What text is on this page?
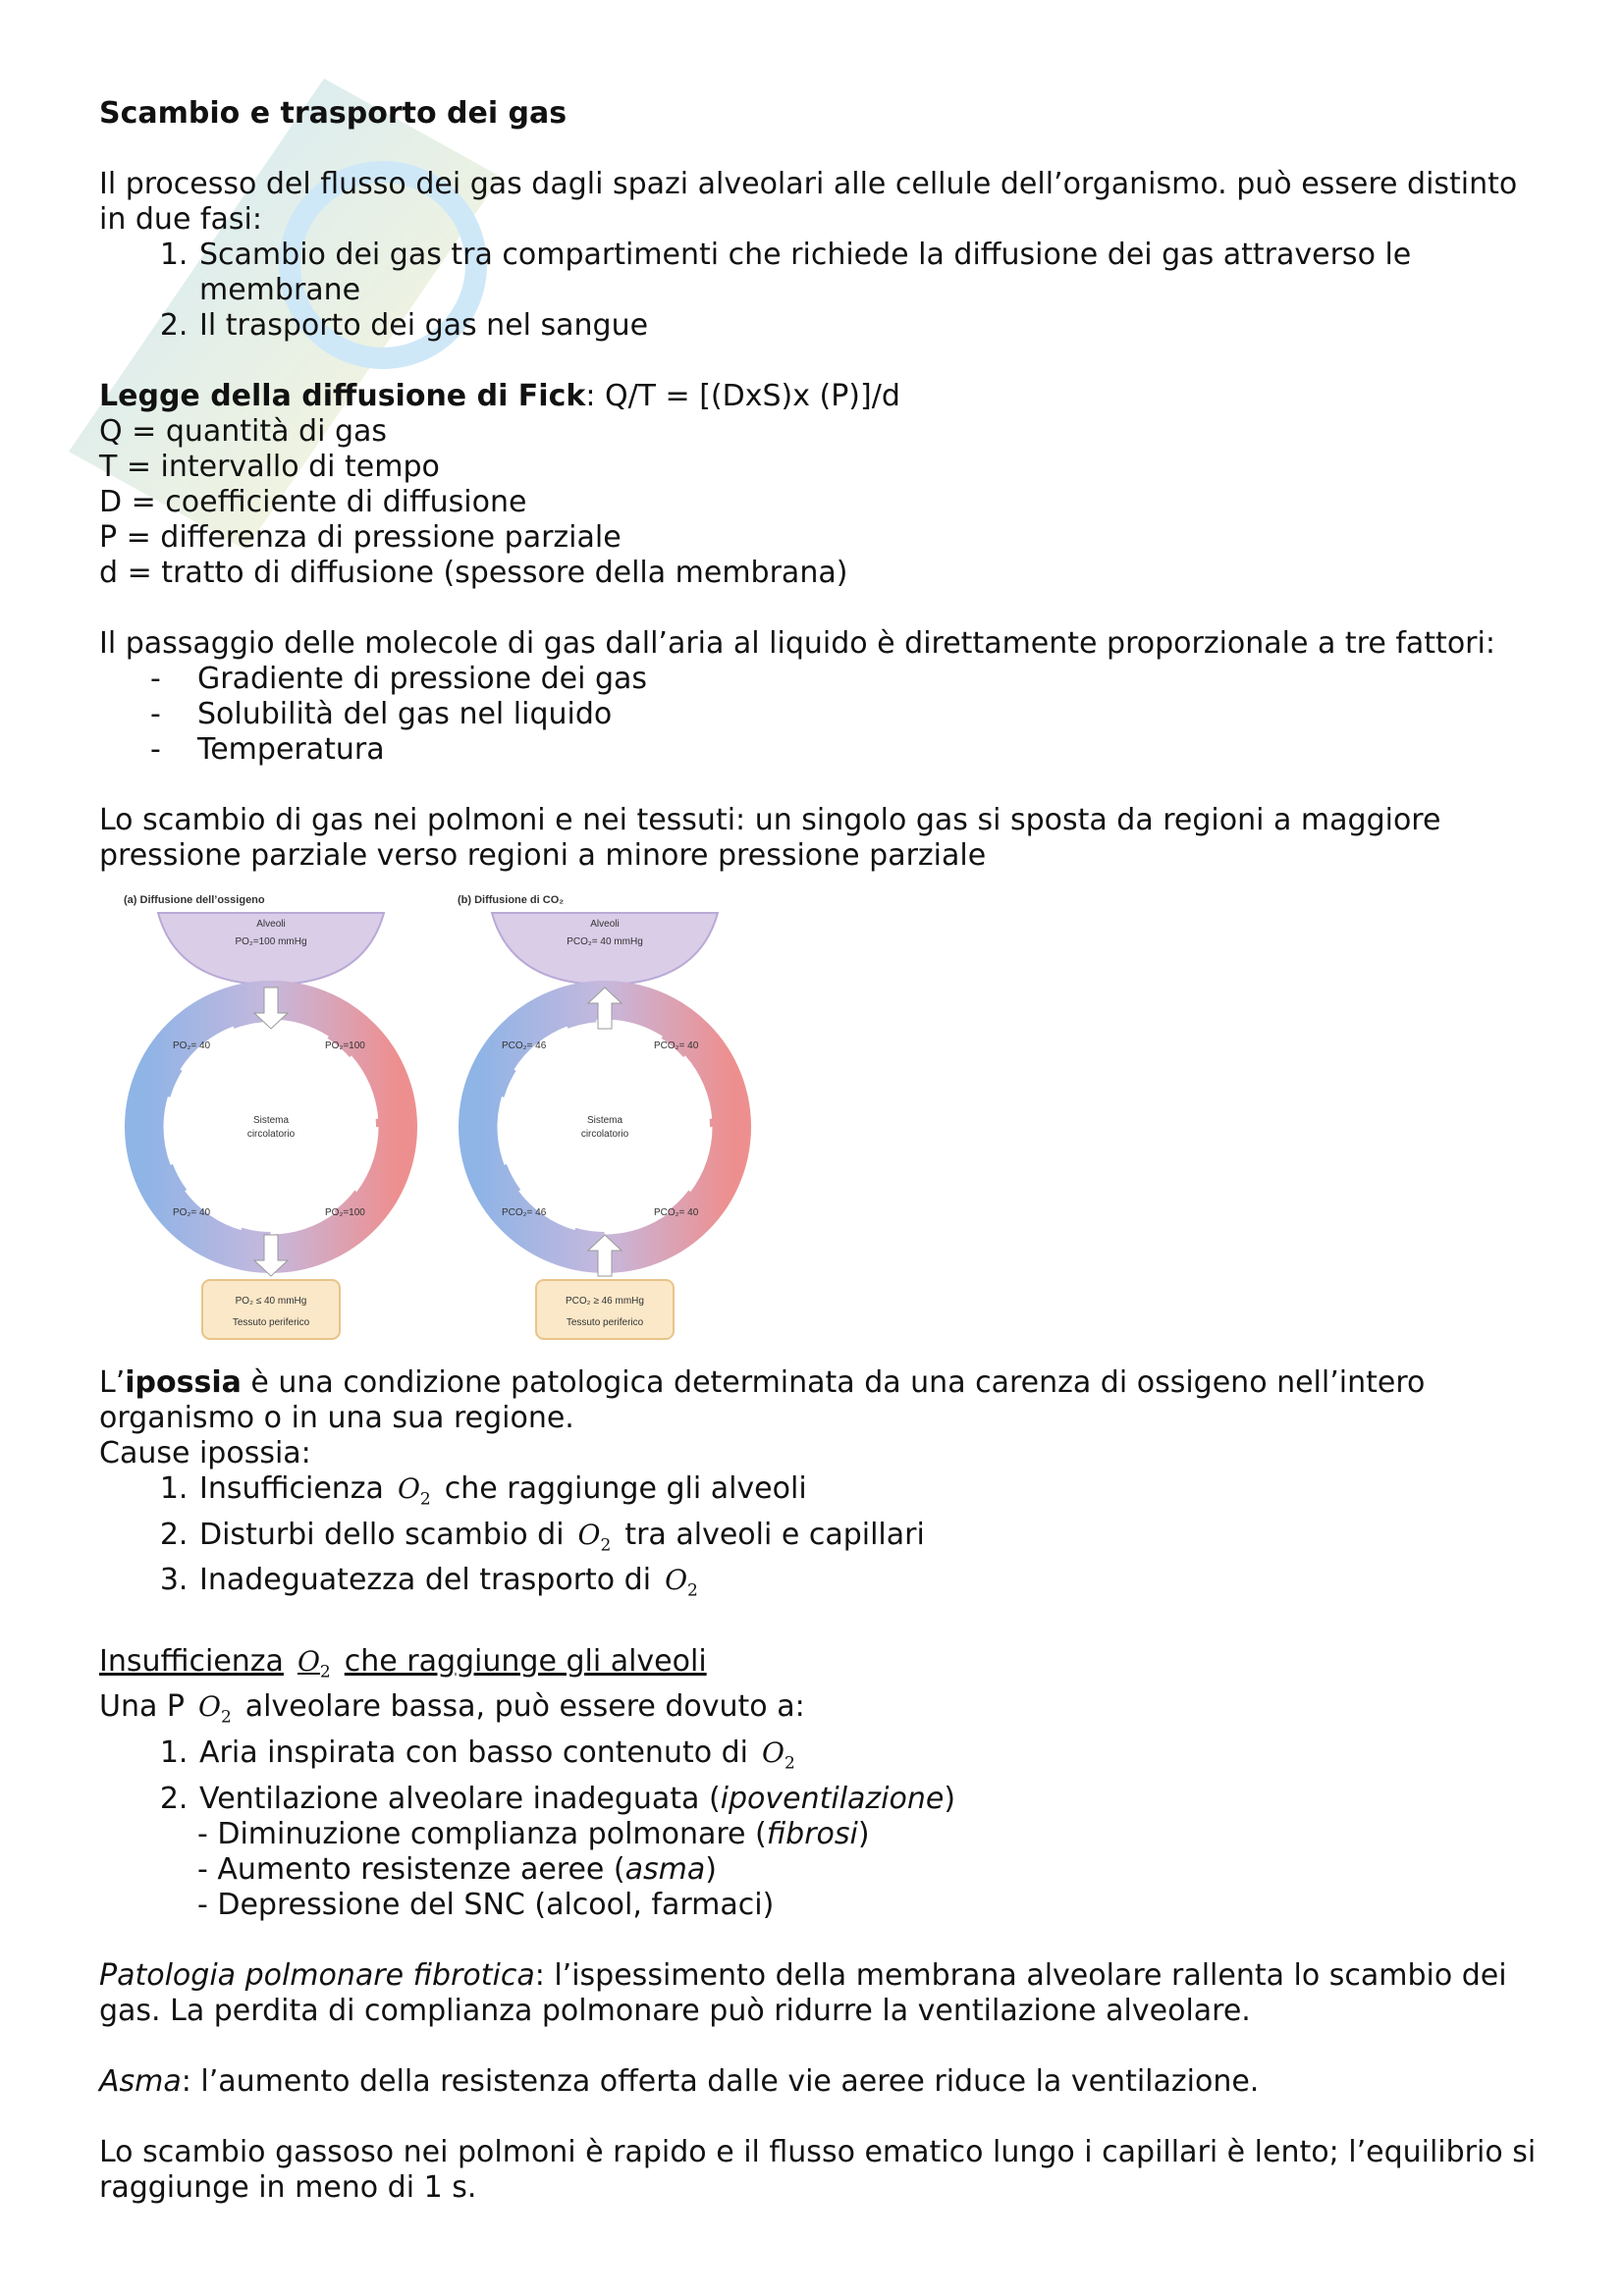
Scambio e trasporto dei gas

Il processo del flusso dei gas dagli spazi alveolari alle cellule dell’organismo. può essere distinto in due fasi:

1. Scambio dei gas tra compartimenti che richiede la diffusione dei gas attraverso le membrane
2. Il trasporto dei gas nel sangue

Legge della diffusione di Fick: Q/T = [(DxS)x (P)]/d

Q = quantità di gas

T = intervallo di tempo

D = coefficiente di diffusione

P = differenza di pressione parziale

d = tratto di diffusione (spessore della membrana)

Il passaggio delle molecole di gas dall’aria al liquido è direttamente proporzionale a tre fattori:

- Gradiente di pressione dei gas
- Solubilità del gas nel liquido
- Temperatura

Lo scambio di gas nei polmoni e nei tessuti: un singolo gas si sposta da regioni a maggiore pressione parziale verso regioni a minore pressione parziale

(a) Diffusione dell’ossigeno
Alveoli
PO₂=100 mmHg
PO₂= 40	PO₂=100
Sistema
circolatorio
PO₂= 40	PO₂=100
PO₂ ≤ 40 mmHg
Tessuto periferico
(b) Diffusione di CO₂
Alveoli
PCO₂= 40 mmHg
PCO₂= 46	PCO₂= 40
Sistema
circolatorio
PCO₂= 46	PCO₂= 40
PCO₂ ≥ 46 mmHg
Tessuto periferico

L’ipossia è una condizione patologica determinata da una carenza di ossigeno nell’intero organismo o in una sua regione.

Cause ipossia:

1. Insufficienza $O_2$ che raggiunge gli alveoli
2. Disturbi dello scambio di $O_2$ tra alveoli e capillari
3. Inadeguatezza del trasporto di $O_2$

Insufficienza $O_2$ che raggiunge gli alveoli

Una P $O_2$ alveolare bassa, può essere dovuto a:

1. Aria inspirata con basso contenuto di $O_2$
2. Ventilazione alveolare inadeguata (ipoventilazione)

- Diminuzione complianza polmonare (fibrosi)

- Aumento resistenze aeree (asma)

- Depressione del SNC (alcool, farmaci)

Patologia polmonare fibrotica: l’ispessimento della membrana alveolare rallenta lo scambio dei gas. La perdita di complianza polmonare può ridurre la ventilazione alveolare.

Asma: l’aumento della resistenza offerta dalle vie aeree riduce la ventilazione.

Lo scambio gassoso nei polmoni è rapido e il flusso ematico lungo i capillari è lento; l’equilibrio si raggiunge in meno di 1 s.
